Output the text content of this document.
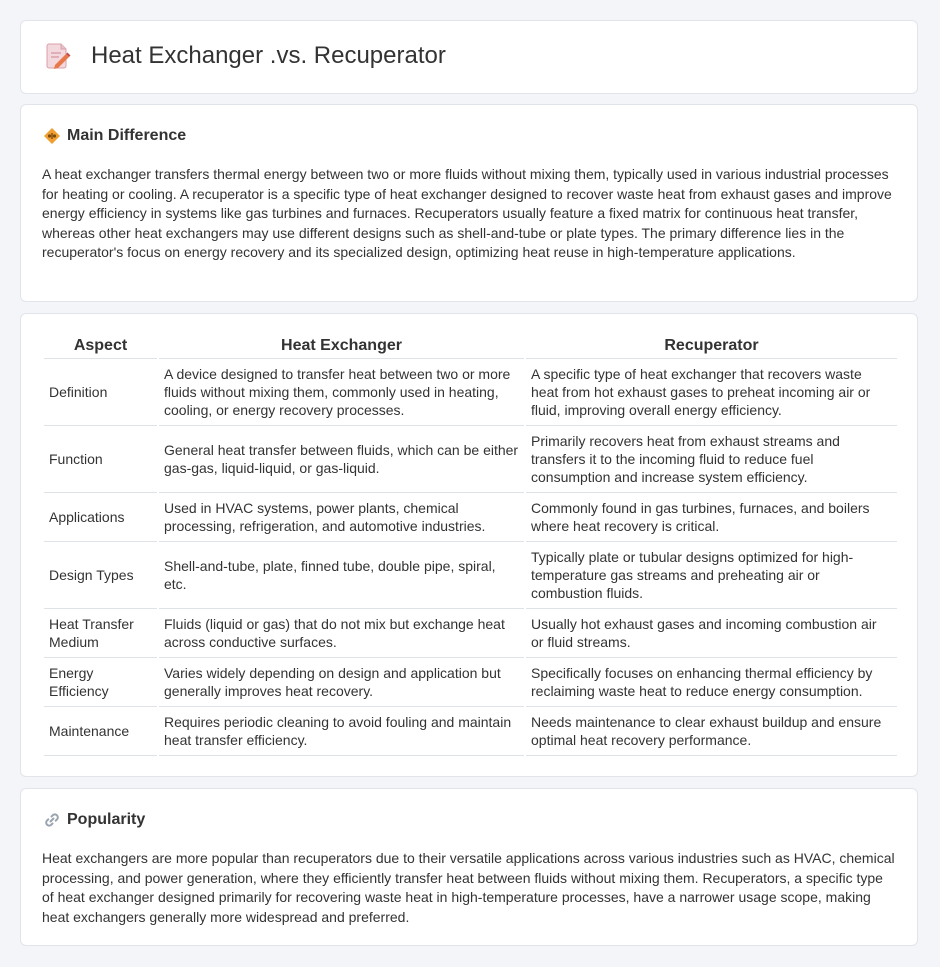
Heat Exchanger .vs. Recuperator
Main Difference

A heat exchanger transfers thermal energy between two or more fluids without mixing them, typically used in various industrial processes for heating or cooling. A recuperator is a specific type of heat exchanger designed to recover waste heat from exhaust gases and improve energy efficiency in systems like gas turbines and furnaces. Recuperators usually feature a fixed matrix for continuous heat transfer, whereas other heat exchangers may use different designs such as shell-and-tube or plate types. The primary difference lies in the recuperator's focus on energy recovery and its specialized design, optimizing heat reuse in high-temperature applications.

Aspect	Heat Exchanger	Recuperator
Definition	A device designed to transfer heat between two or more fluids without mixing them, commonly used in heating, cooling, or energy recovery processes.	A specific type of heat exchanger that recovers waste heat from hot exhaust gases to preheat incoming air or fluid, improving overall energy efficiency.
Function	General heat transfer between fluids, which can be either gas-gas, liquid-liquid, or gas-liquid.	Primarily recovers heat from exhaust streams and transfers it to the incoming fluid to reduce fuel consumption and increase system efficiency.
Applications	Used in HVAC systems, power plants, chemical processing, refrigeration, and automotive industries.	Commonly found in gas turbines, furnaces, and boilers where heat recovery is critical.
Design Types	Shell-and-tube, plate, finned tube, double pipe, spiral, etc.	Typically plate or tubular designs optimized for high-temperature gas streams and preheating air or combustion fluids.
Heat Transfer Medium	Fluids (liquid or gas) that do not mix but exchange heat across conductive surfaces.	Usually hot exhaust gases and incoming combustion air or fluid streams.
Energy Efficiency	Varies widely depending on design and application but generally improves heat recovery.	Specifically focuses on enhancing thermal efficiency by reclaiming waste heat to reduce energy consumption.
Maintenance	Requires periodic cleaning to avoid fouling and maintain heat transfer efficiency.	Needs maintenance to clear exhaust buildup and ensure optimal heat recovery performance.
Popularity

Heat exchangers are more popular than recuperators due to their versatile applications across various industries such as HVAC, chemical processing, and power generation, where they efficiently transfer heat between fluids without mixing them. Recuperators, a specific type of heat exchanger designed primarily for recovering waste heat in high-temperature processes, have a narrower usage scope, making heat exchangers generally more widespread and preferred.
